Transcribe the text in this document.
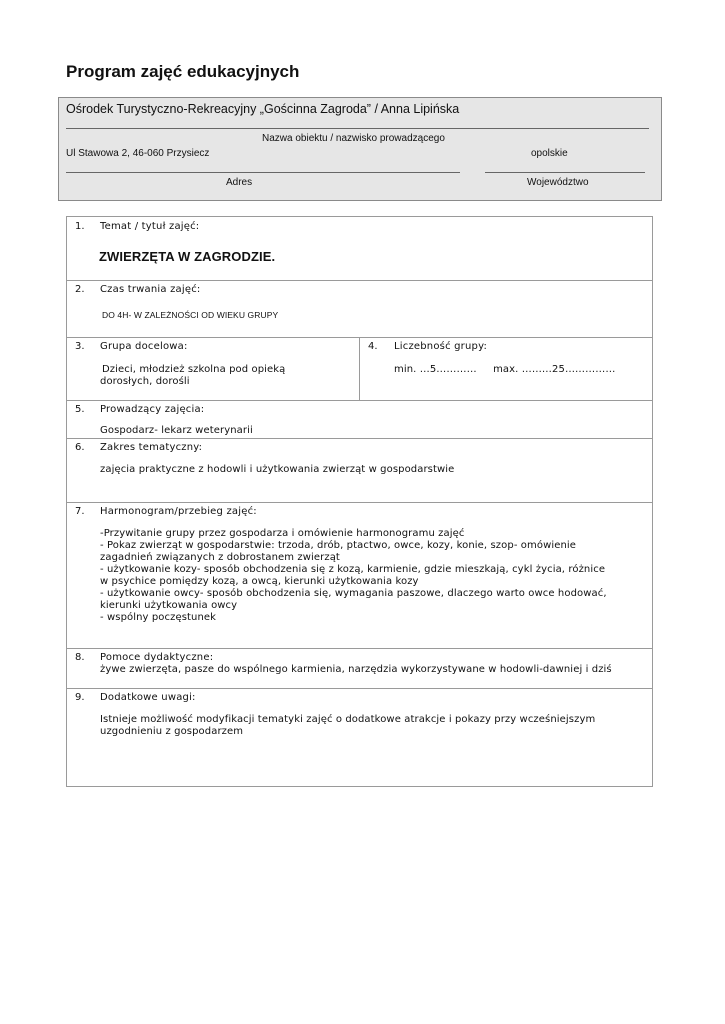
Program zajęć edukacyjnych
Ośrodek Turystyczno-Rekreacyjny „Gościnna Zagroda” / Anna Lipińska
Nazwa obiektu / nazwisko prowadzącego
Ul Stawowa 2, 46-060 Przysiecz	opolskie
Adres	Województwo
1. Temat / tytuł zajęć:
ZWIERZĘTA W ZAGRODZIE.
2. Czas trwania zajęć:
DO 4H- W ZALEŻNOŚCI OD WIEKU GRUPY
3. Grupa docelowa:

Dzieci, młodzież szkolna pod opieką

dorosłych, dorośli

4. Liczebność grupy:
min. …5…………     max. ………25……………
5. Prowadzący zajęcia:
Gospodarz- lekarz weterynarii
6. Zakres tematyczny:
zajęcia praktyczne z hodowli i użytkowania zwierząt w gospodarstwie
7. Harmonogram/przebieg zajęć:

-Przywitanie grupy przez gospodarza i omówienie harmonogramu zajęć

- Pokaz zwierząt w gospodarstwie: trzoda, drób, ptactwo, owce, kozy, konie, szop- omówienie

zagadnień związanych z dobrostanem zwierząt

- użytkowanie kozy- sposób obchodzenia się z kozą, karmienie, gdzie mieszkają, cykl życia, różnice

w psychice pomiędzy kozą, a owcą, kierunki użytkowania kozy

- użytkowanie owcy- sposób obchodzenia się, wymagania paszowe, dlaczego warto owce hodować,

kierunki użytkowania owcy

- wspólny poczęstunek

8. Pomoce dydaktyczne:
żywe zwierzęta, pasze do wspólnego karmienia, narzędzia wykorzystywane w hodowli-dawniej i dziś
9. Dodatkowe uwagi:

Istnieje możliwość modyfikacji tematyki zajęć o dodatkowe atrakcje i pokazy przy wcześniejszym

uzgodnieniu z gospodarzem
